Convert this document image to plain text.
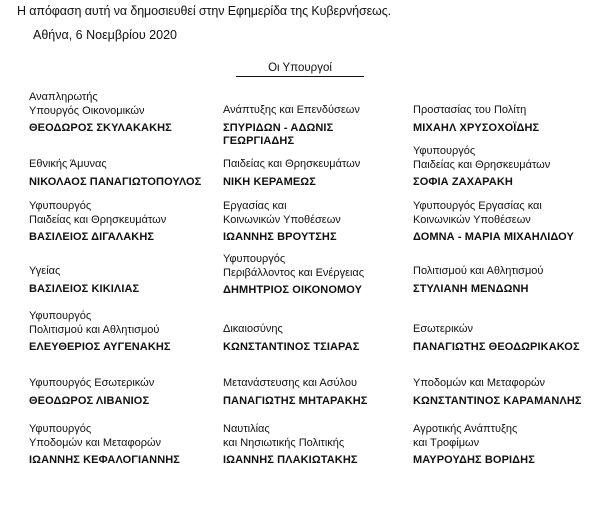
Η απόφαση αυτή να δημοσιευθεί στην Εφημερίδα της Κυβερνήσεως.
Αθήνα, 6 Νοεμβρίου 2020
Οι Υπουργοί
Αναπληρωτής
Υπουργός Οικονομικών
ΘΕΟΔΩΡΟΣ ΣΚΥΛΑΚΑΚΗΣ
Ανάπτυξης και Επενδύσεων
ΣΠΥΡΙΔΩΝ - ΑΔΩΝΙΣ ΓΕΩΡΓΙΑΔΗΣ
Προστασίας του Πολίτη
ΜΙΧΑΗΛ ΧΡΥΣΟΧΟΪΔΗΣ
Εθνικής Άμυνας
ΝΙΚΟΛΑΟΣ ΠΑΝΑΓΙΩΤΟΠΟΥΛΟΣ
Παιδείας και Θρησκευμάτων
ΝΙΚΗ ΚΕΡΑΜΕΩΣ
Υφυπουργός
Παιδείας και Θρησκευμάτων
ΣΟΦΙΑ ΖΑΧΑΡΑΚΗ
Υφυπουργός
Παιδείας και Θρησκευμάτων
ΒΑΣΙΛΕΙΟΣ ΔΙΓΑΛΑΚΗΣ
Εργασίας και
Κοινωνικών Υποθέσεων
ΙΩΑΝΝΗΣ ΒΡΟΥΤΣΗΣ
Υφυπουργός Εργασίας και
Κοινωνικών Υποθέσεων
ΔΟΜΝΑ - ΜΑΡΙΑ ΜΙΧΑΗΛΙΔΟΥ
Υγείας
ΒΑΣΙΛΕΙΟΣ ΚΙΚΙΛΙΑΣ
Υφυπουργός
Περιβάλλοντος και Ενέργειας
ΔΗΜΗΤΡΙΟΣ ΟΙΚΟΝΟΜΟΥ
Πολιτισμού και Αθλητισμού
ΣΤΥΛΙΑΝΗ ΜΕΝΔΩΝΗ
Υφυπουργός
Πολιτισμού και Αθλητισμού
ΕΛΕΥΘΕΡΙΟΣ ΑΥΓΕΝΑΚΗΣ
Δικαιοσύνης
ΚΩΝΣΤΑΝΤΙΝΟΣ ΤΣΙΑΡΑΣ
Εσωτερικών
ΠΑΝΑΓΙΩΤΗΣ ΘΕΟΔΩΡΙΚΑΚΟΣ
Υφυπουργός Εσωτερικών
ΘΕΟΔΩΡΟΣ ΛΙΒΑΝΙΟΣ
Μετανάστευσης και Ασύλου
ΠΑΝΑΓΙΩΤΗΣ ΜΗΤΑΡΑΚΗΣ
Υποδομών και Μεταφορών
ΚΩΝΣΤΑΝΤΙΝΟΣ ΚΑΡΑΜΑΝΛΗΣ
Υφυπουργός
Υποδομών και Μεταφορών
ΙΩΑΝΝΗΣ ΚΕΦΑΛΟΓΙΑΝΝΗΣ
Ναυτιλίας
και Νησιωτικής Πολιτικής
ΙΩΑΝΝΗΣ ΠΛΑΚΙΩΤΑΚΗΣ
Αγροτικής Ανάπτυξης
και Τροφίμων
ΜΑΥΡΟΥΔΗΣ ΒΟΡΙΔΗΣ
